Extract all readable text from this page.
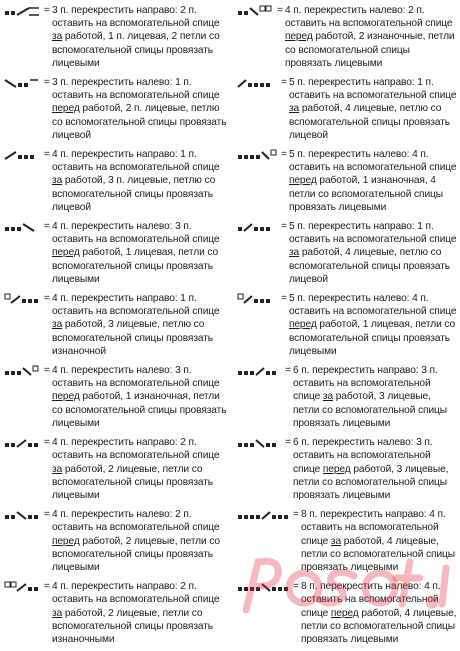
= 3 п. перекрестить направо: 2 п. оставить на вспомогательной спице за работой, 1 п. лицевая, 2 петли со вспомогательной спицы провязать лицевыми
= 3 п. перекрестить налево: 1 п. оставить на вспомогательной спице перед работой, 2 п. лицевые, петлю со вспомогательной спицы провязать лицевой
= 4 п. перекрестить направо: 1 п. оставить на вспомогательной спице за работой, 3 п. лицевые, петлю со вспомогательной спицы провязать лицевой
= 4 п. перекрестить налево: 3 п. оставить на вспомогательной спице перед работой, 1 лицевая, петли со вспомогательной спицы провязать лицевыми
= 4 п. перекрестить направо: 1 п. оставить на вспомогательной спице за работой, 3 лицевые, петлю со вспомогательной спицы провязать изнаночной
= 4 п. перекрестить налево: 3 п. оставить на вспомогательной спице перед работой, 1 изнаночная, петли со вспомогательной спицы провязать лицевыми
= 4 п. перекрестить направо: 2 п. оставить на вспомогательной спице за работой, 2 лицевые, петли со вспомогательной спицы провязать лицевыми
= 4 п. перекрестить налево: 2 п. оставить на вспомогательной спице перед работой, 2 лицевые, петли со вспомогательной спицы провязать лицевыми
= 4 п. перекрестить направо: 2 п. оставить на вспомогательной спице за работой, 2 лицевые, петли со вспомогательной спицы провязать изнаночными
= 4 п. перекрестить налево: 2 п. оставить на вспомогательной спице перед работой, 2 изнаночные, петли со вспомогательной спицы провязать лицевыми
= 5 п. перекрестить направо: 1 п. оставить на вспомогательной спице за работой, 4 лицевые, петлю со вспомогательной спицы провязать лицевой
= 5 п. перекрестить налево: 4 п. оставить на вспомогательной спице перед работой, 1 изнаночная, 4 петли со вспомогательной спицы провязать лицевыми
= 5 п. перекрестить направо: 1 п. оставить на вспомогательной спице за работой, 4 лицевые, петлю со вспомогательной спицы провязать лицевой
= 5 п. перекрестить налево: 4 п. оставить на вспомогательной спице перед работой, 1 лицевая, петли со вспомогательной спицы провязать лицевыми
= 6 п. перекрестить направо: 3 п. оставить на вспомогательной спице за работой, 3 лицевые, петли со вспомогательной спицы провязать лицевыми
= 6 п. перекрестить налево: 3 п. оставить на вспомогательной спице перед работой, 3 лицевые, петли со вспомогательной спицы провязать лицевыми
= 8 п. перекрестить направо: 4 п. оставить на вспомогательной спице за работой, 4 лицевые, петли со вспомогательной спицы провязать лицевыми
= 8 п. перекрестить налево: 4 п. оставить на вспомогательной спице перед работой, 4 лицевые, петли со вспомогательной спицы провязать лицевыми
